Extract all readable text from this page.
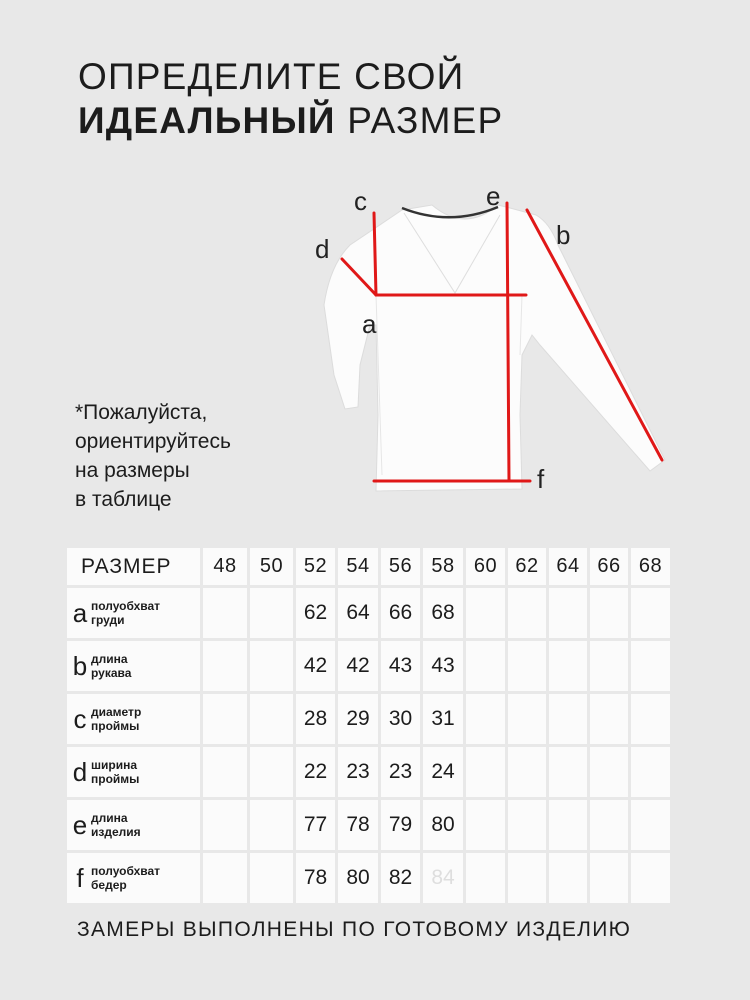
ОПРЕДЕЛИТЕ СВОЙ
ИДЕАЛЬНЫЙ РАЗМЕР
*Пожалуйста,
ориентируйтесь
на размеры
в таблице
c	e
b
d
a
f
РАЗМЕР	48	50	52	54	56	58	60	62	64	66	68
a полуобхват
груди			62	64	66	68					
b длина
рукава			42	42	43	43					
c диаметр
проймы			28	29	30	31					
d ширина
проймы			22	23	23	24					
e длина
изделия			77	78	79	80					
f полуобхват
бедер			78	80	82	84					
ЗАМЕРЫ ВЫПОЛНЕНЫ ПО ГОТОВОМУ ИЗДЕЛИЮ
